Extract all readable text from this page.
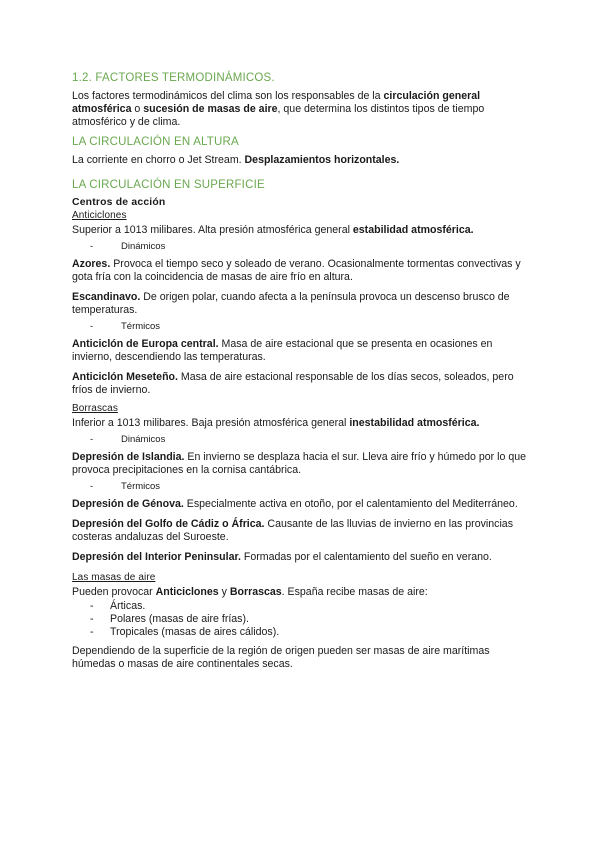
1.2. FACTORES TERMODINÁMICOS.

Los factores termodinámicos del clima son los responsables de la circulación general atmosférica o sucesión de masas de aire, que determina los distintos tipos de tiempo atmosférico y de clima.

LA CIRCULACIÓN EN ALTURA

La corriente en chorro o Jet Stream. Desplazamientos horizontales.

LA CIRCULACIÓN EN SUPERFICIE
Centros de acción
Anticiclones

Superior a 1013 milibares. Alta presión atmosférica general estabilidad atmosférica.

-	Dinámicos

Azores. Provoca el tiempo seco y soleado de verano. Ocasionalmente tormentas convectivas y gota fría con la coincidencia de masas de aire frío en altura.

Escandinavo. De origen polar, cuando afecta a la península provoca un descenso brusco de temperaturas.

-	Térmicos

Anticiclón de Europa central. Masa de aire estacional que se presenta en ocasiones en invierno, descendiendo las temperaturas.

Anticiclón Meseteño. Masa de aire estacional responsable de los días secos, soleados, pero fríos de invierno.

Borrascas

Inferior a 1013 milibares. Baja presión atmosférica general inestabilidad atmosférica.

-	Dinámicos

Depresión de Islandia. En invierno se desplaza hacia el sur. Lleva aire frío y húmedo por lo que provoca precipitaciones en la cornisa cantábrica.

-	Térmicos

Depresión de Génova. Especialmente activa en otoño, por el calentamiento del Mediterráneo.

Depresión del Golfo de Cádiz o África. Causante de las lluvias de invierno en las provincias costeras andaluzas del Suroeste.

Depresión del Interior Peninsular. Formadas por el calentamiento del sueño en verano.

Las masas de aire

Pueden provocar Anticiclones y Borrascas. España recibe masas de aire:

- Árticas.
- Polares (masas de aire frías).
- Tropicales (masas de aires cálidos).

Dependiendo de la superficie de la región de origen pueden ser masas de aire marítimas húmedas o masas de aire continentales secas.
